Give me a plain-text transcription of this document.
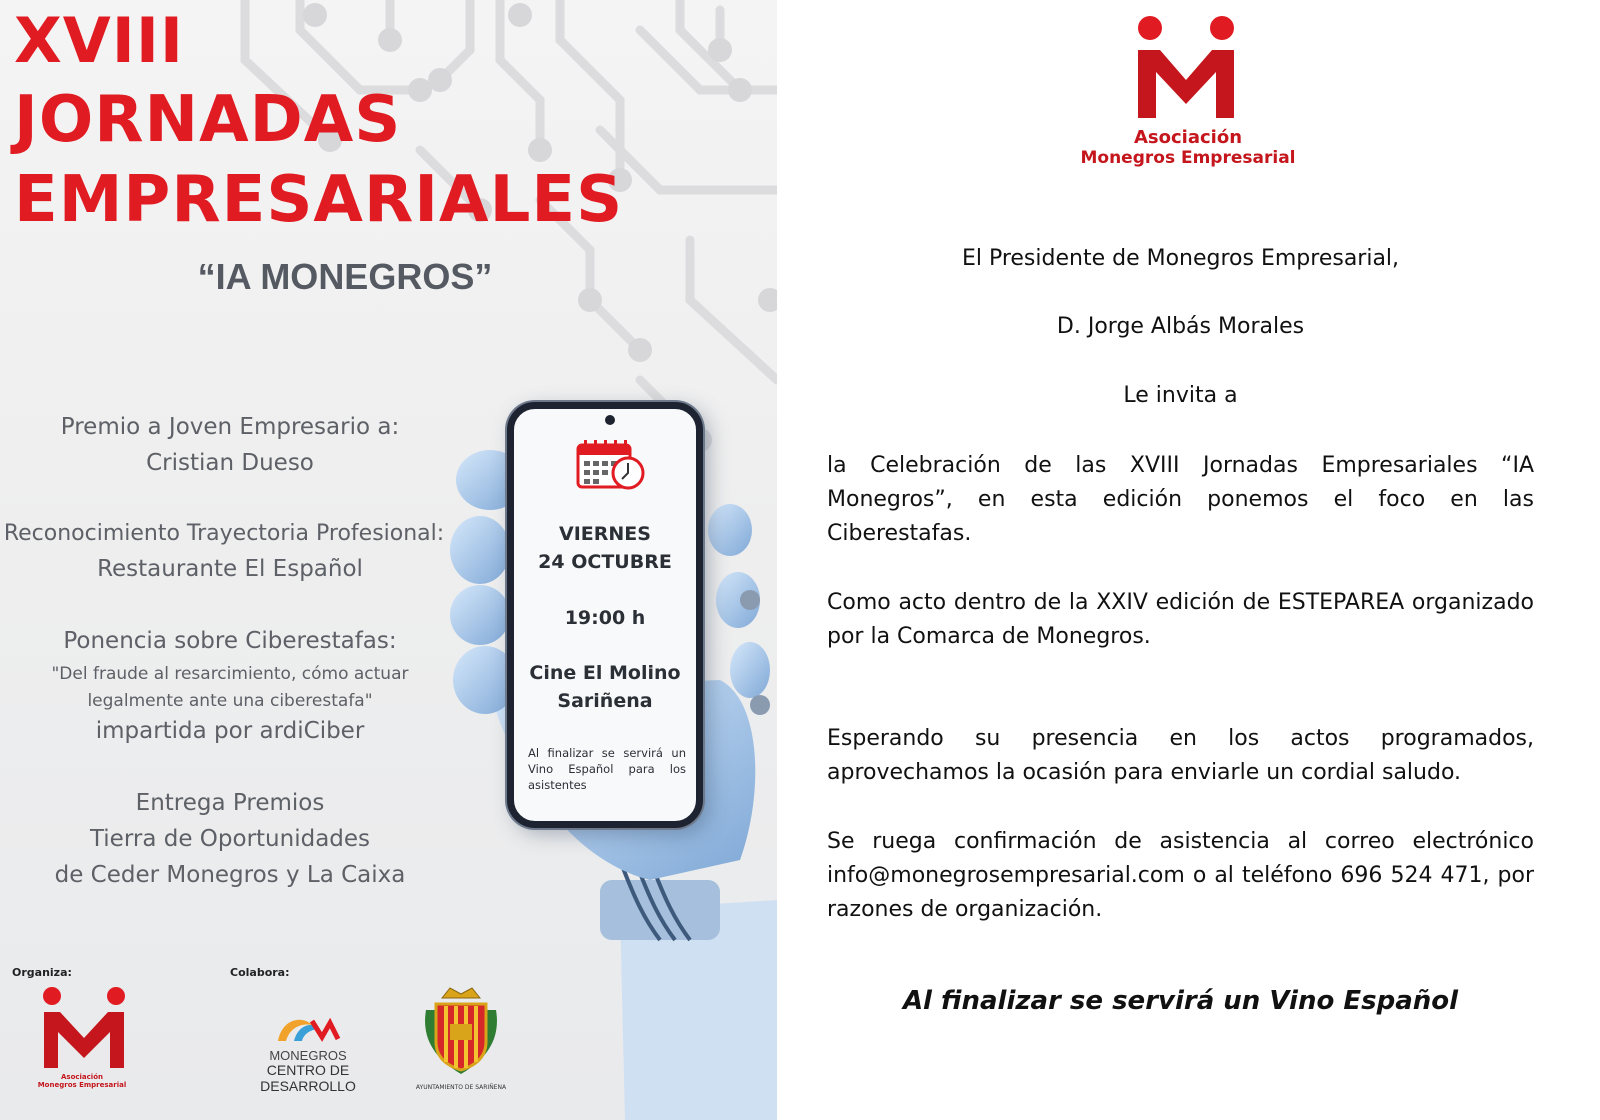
XVIII
JORNADAS
EMPRESARIALES
“IA MONEGROS”
VIERNES
24 OCTUBRE
19:00 h
Cine El Molino
Sariñena
Al finalizar se servirá un Vino Español para los asistentes
Premio a Joven Empresario a:
Cristian Dueso
Reconocimiento Trayectoria Profesional:
Restaurante El Español
Ponencia sobre Ciberestafas:
"Del fraude al resarcimiento, cómo actuar
legalmente ante una ciberestafa"
impartida por ardiCiber
Entrega Premios
Tierra de Oportunidades
de Ceder Monegros y La Caixa
Organiza:	Colabora:
Asociación
Monegros Empresarial
MONEGROS
CENTRO DE DESARROLLO	AYUNTAMIENTO DE SARIÑENA
Asociación
Monegros Empresarial
El Presidente de Monegros Empresarial,
D. Jorge Albás Morales
Le invita a
la Celebración de las XVIII Jornadas Empresariales “IA Monegros”, en esta edición ponemos el foco en las Ciberestafas.
Como acto dentro de la XXIV edición de ESTEPAREA organizado por la Comarca de Monegros.
Esperando su presencia en los actos programados, aprovechamos la ocasión para enviarle un cordial saludo.
Se ruega confirmación de asistencia al correo electrónico info@monegrosempresarial.com o al teléfono 696 524 471, por razones de organización.
Al finalizar se servirá un Vino Español
